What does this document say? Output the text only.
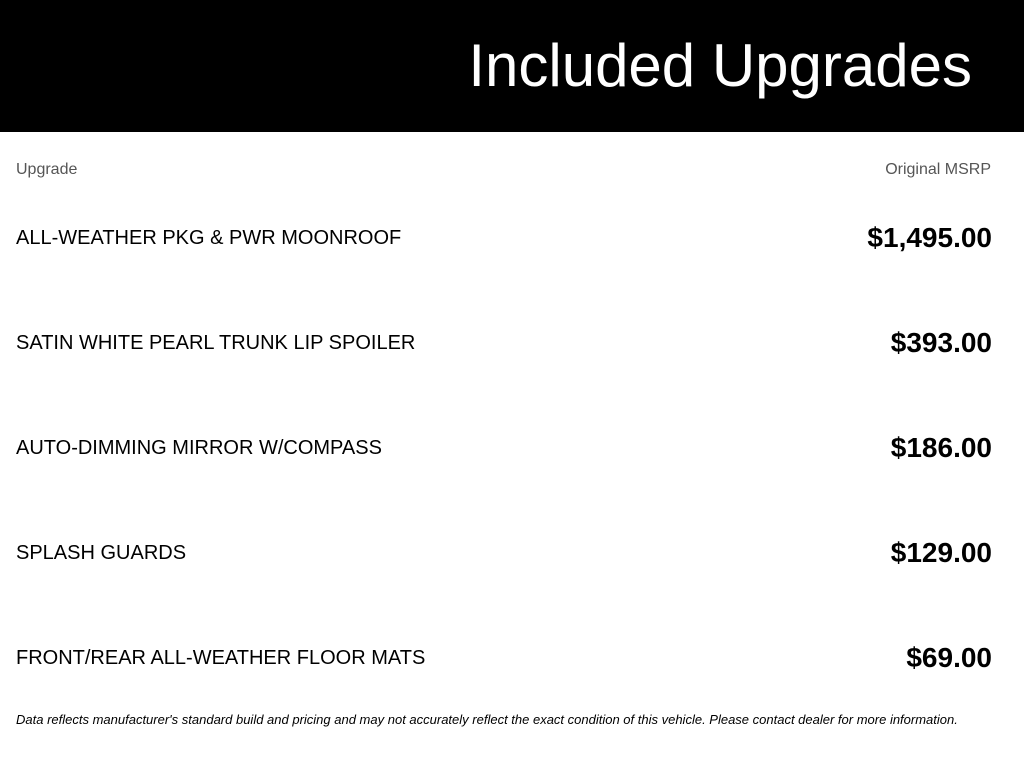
Included Upgrades
Upgrade	Original MSRP
ALL-WEATHER PKG & PWR MOONROOF	$1,495.00
SATIN WHITE PEARL TRUNK LIP SPOILER	$393.00
AUTO-DIMMING MIRROR W/COMPASS	$186.00
SPLASH GUARDS	$129.00
FRONT/REAR ALL-WEATHER FLOOR MATS	$69.00
Data reflects manufacturer's standard build and pricing and may not accurately reflect the exact condition of this vehicle. Please contact dealer for more information.
